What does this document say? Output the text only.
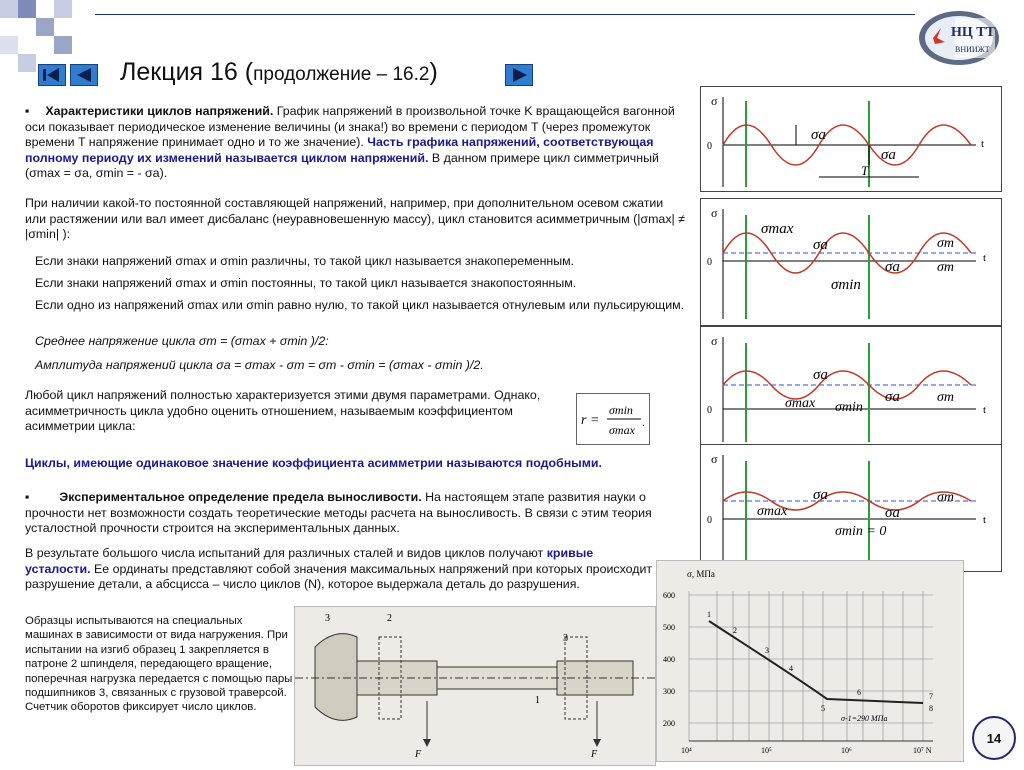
НЦ ТТ
ВНИИЖТ
Лекция 16 (продолжение – 16.2)
▪ Характеристики циклов напряжений. График напряжений в произвольной точке K вращающейся вагонной оси показывает периодическое изменение величины (и знака!) во времени с периодом T (через промежуток времени T напряжение принимает одно и то же значение). Часть графика напряжений, соответствующая полному периоду их изменений называется циклом напряжений. В данном примере цикл симметричный (σmax = σa, σmin = - σa).
При наличии какой-то постоянной составляющей напряжений, например, при дополнительном осевом сжатии или растяжении или вал имеет дисбаланс (неуравновешенную массу), цикл становится асимметричным (|σmax| ≠ |σmin| ):
Если знаки напряжений σmax и σmin различны, то такой цикл называется знакопеременным.
Если знаки напряжений σmax и σmin постоянны, то такой цикл называется знакопостоянным.
Если одно из напряжений σmax или σmin равно нулю, то такой цикл называется отнулевым или пульсирующим.
Среднее напряжение цикла σm = (σmax + σmin )/2:
Амплитуда напряжений цикла σa = σmax - σm = σm - σmin = (σmax - σmin )/2.
Любой цикл напряжений полностью характеризуется этими двумя параметрами. Однако, асимметричность цикла удобно оценить отношением, называемым коэффициентом асимметрии цикла:
Циклы, имеющие одинаковое значение коэффициента асимметрии называются подобными.
r =
σmin
σmax
.
▪ Экспериментальное определение предела выносливости. На настоящем этапе развития науки о прочности нет возможности создать теоретические методы расчета на выносливость. В связи с этим теория усталостной прочности строится на экспериментальных данных.
В результате большого числа испытаний для различных сталей и видов циклов получают кривые усталости. Ее ординаты представляют собой значения максимальных напряжений при которых происходит разрушение детали, а абсцисса – число циклов (N), которое выдержала деталь до разрушения.
Образцы испытываются на специальных машинах в зависимости от вида нагружения. При испытании на изгиб образец 1 закрепляется в патроне 2 шпинделя, передающего вращение, поперечная нагрузка передается с помощью пары подшипников 3, связанных с грузовой траверсой. Счетчик оборотов фиксирует число циклов.
σ
0	t
σa
σa
T
σ
0	t
σmax
σa	σm
σa	σm
σmin
σ
0	t
σa
σmax σmin
σa	σm
σ
0	t
σa
σmax
σmin = 0
σa
σm
3	2
3
1
F	F
σ, МПа
600
500
400
300
200
10⁴	10⁵	10⁶	10⁷ N
σ-1=290 МПа
1
2
3
4
5
6	7
8
14
